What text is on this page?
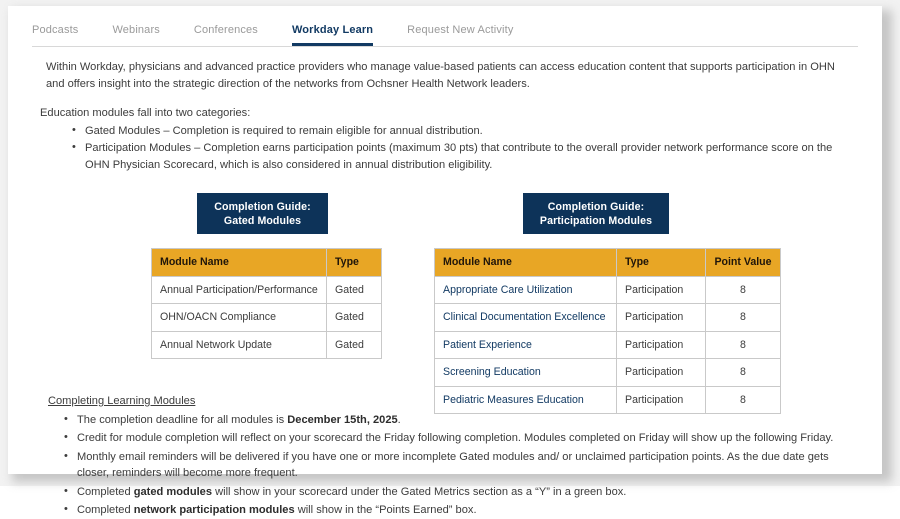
Podcasts	Webinars	Conferences	Workday Learn	Request New Activity
Within Workday, physicians and advanced practice providers who manage value-based patients can access education content that supports participation in OHN and offers insight into the strategic direction of the networks from Ochsner Health Network leaders.
Education modules fall into two categories:
• Gated Modules – Completion is required to remain eligible for annual distribution.
• Participation Modules – Completion earns participation points (maximum 30 pts) that contribute to the overall provider network performance score on the OHN Physician Scorecard, which is also considered in annual distribution eligibility.
Completion Guide:
Gated Modules
Completion Guide:
Participation Modules
Module Name	Type
Annual Participation/Performance	Gated
OHN/OACN Compliance	Gated
Annual Network Update	Gated
Module Name	Type	Point Value
Appropriate Care Utilization	Participation	8
Clinical Documentation Excellence	Participation	8
Patient Experience	Participation	8
Screening Education	Participation	8
Pediatric Measures Education	Participation	8
Completing Learning Modules
• The completion deadline for all modules is December 15th, 2025.
• Credit for module completion will reflect on your scorecard the Friday following completion. Modules completed on Friday will show up the following Friday.
• Monthly email reminders will be delivered if you have one or more incomplete Gated modules and/ or unclaimed participation points. As the due date gets closer, reminders will become more frequent.
• Completed gated modules will show in your scorecard under the Gated Metrics section as a “Y” in a green box.
• Completed network participation modules will show in the “Points Earned” box.
